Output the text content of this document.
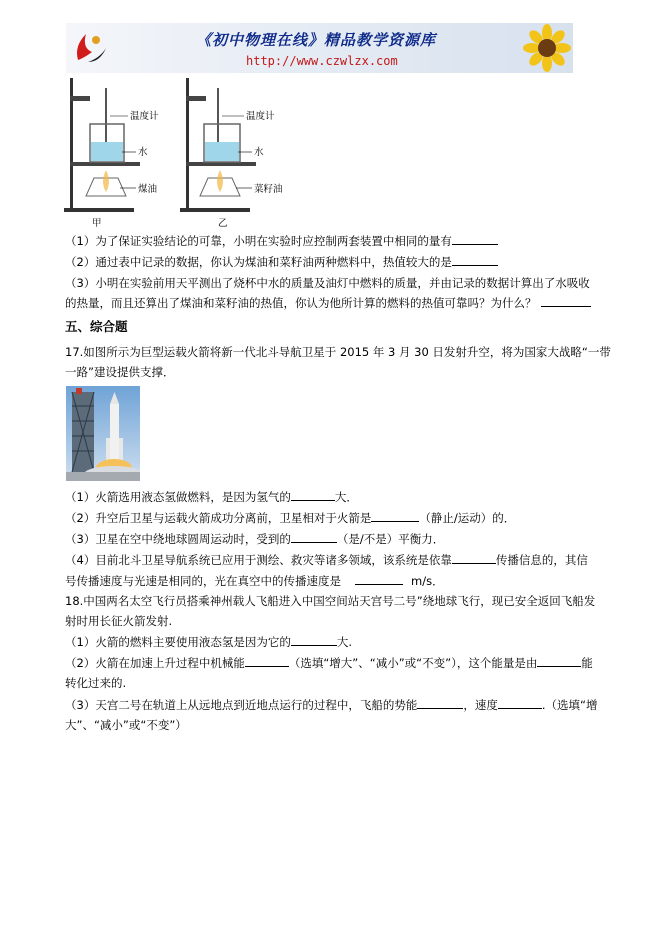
《初中物理在线》精品教学资源库
http://www.czwlzx.com
温度计
水
煤油
甲
温度计
水
菜籽油
乙
（1）为了保证实验结论的可靠，小明在实验时应控制两套装置中相同的量有
（2）通过表中记录的数据，你认为煤油和菜籽油两种燃料中，热值较大的是
（3）小明在实验前用天平测出了烧杯中水的质量及油灯中燃料的质量，并由记录的数据计算出了水吸收
的热量，而且还算出了煤油和菜籽油的热值，你认为他所计算的燃料的热值可靠吗？为什么？
五、综合题
17.如图所示为巨型运载火箭将新一代北斗导航卫星于 2015 年 3 月 30 日发射升空，将为国家大战略“一带
一路”建设提供支撑．
（1）火箭选用液态氢做燃料，是因为氢气的	大．
（2）升空后卫星与运载火箭成功分离前，卫星相对于火箭是	（静止/运动）的．
（3）卫星在空中绕地球圆周运动时，受到的	（是/不是）平衡力．
（4）目前北斗卫星导航系统已应用于测绘、救灾等诸多领域，该系统是依靠	传播信息的，其信
号传播速度与光速是相同的，光在真空中的传播速度是	m/s．
18.中国两名太空飞行员搭乘神州载人飞船进入中国空间站天宫号二号”绕地球飞行，现已安全返回飞船发
射时用长征火箭发射.
（1）火箭的燃料主要使用液态氢是因为它的	大.
（2）火箭在加速上升过程中机械能	（选填“增大”、“减小”或“不变”），这个能量是由	能
转化过来的.
（3）天宫二号在轨道上从远地点到近地点运行的过程中，飞船的势能	，速度	.（选填“增
大”、“减小”或“不变”）
